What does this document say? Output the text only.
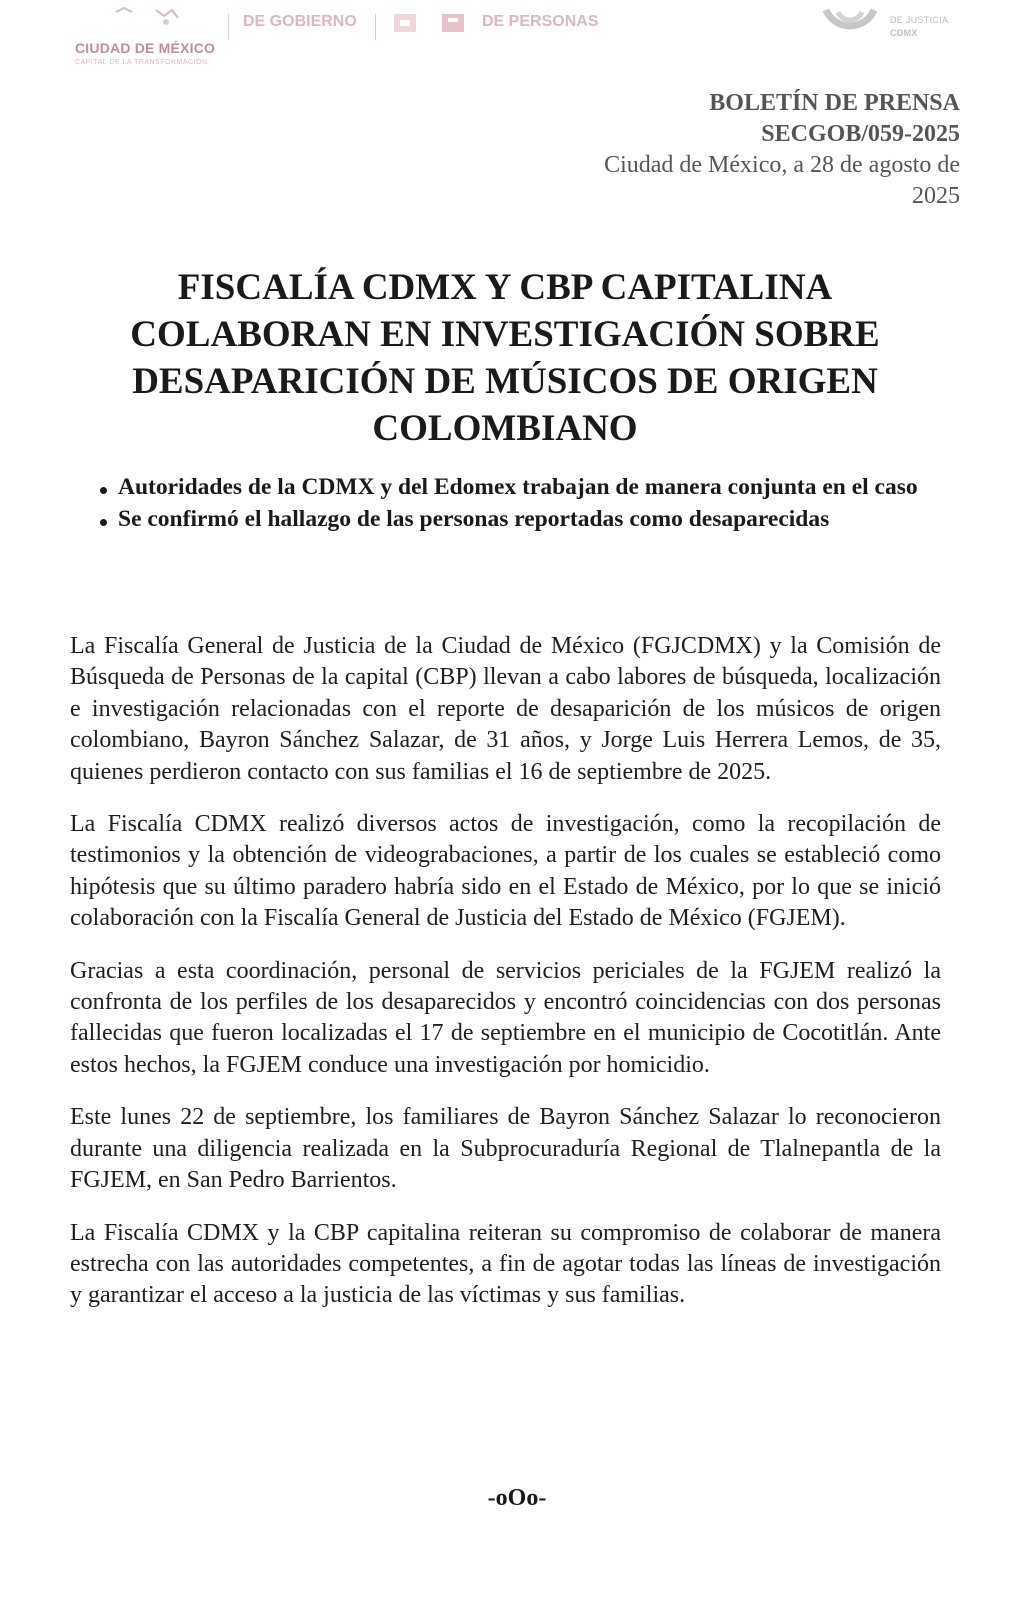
CIUDAD DE MÉXICO
CAPITAL DE LA TRANSFORMACIÓN
DE GOBIERNO	DE PERSONAS	DE JUSTICIA
CDMX
BOLETÍN DE PRENSA
SECGOB/059-2025
Ciudad de México, a 28 de agosto de
2025
FISCALÍA CDMX Y CBP CAPITALINA COLABORAN EN INVESTIGACIÓN SOBRE DESAPARICIÓN DE MÚSICOS DE ORIGEN COLOMBIANO
Autoridades de la CDMX y del Edomex trabajan de manera conjunta en el caso
Se confirmó el hallazgo de las personas reportadas como desaparecidas

La Fiscalía General de Justicia de la Ciudad de México (FGJCDMX) y la Comisión de Búsqueda de Personas de la capital (CBP) llevan a cabo labores de búsqueda, localización e investigación relacionadas con el reporte de desaparición de los músicos de origen colombiano, Bayron Sánchez Salazar, de 31 años, y Jorge Luis Herrera Lemos, de 35, quienes perdieron contacto con sus familias el 16 de septiembre de 2025.

La Fiscalía CDMX realizó diversos actos de investigación, como la recopilación de testimonios y la obtención de videograbaciones, a partir de los cuales se estableció como hipótesis que su último paradero habría sido en el Estado de México, por lo que se inició colaboración con la Fiscalía General de Justicia del Estado de México (FGJEM).

Gracias a esta coordinación, personal de servicios periciales de la FGJEM realizó la confronta de los perfiles de los desaparecidos y encontró coincidencias con dos personas fallecidas que fueron localizadas el 17 de septiembre en el municipio de Cocotitlán. Ante estos hechos, la FGJEM conduce una investigación por homicidio.

Este lunes 22 de septiembre, los familiares de Bayron Sánchez Salazar lo reconocieron durante una diligencia realizada en la Subprocuraduría Regional de Tlalnepantla de la FGJEM, en San Pedro Barrientos.

La Fiscalía CDMX y la CBP capitalina reiteran su compromiso de colaborar de manera estrecha con las autoridades competentes, a fin de agotar todas las líneas de investigación y garantizar el acceso a la justicia de las víctimas y sus familias.

-oOo-
